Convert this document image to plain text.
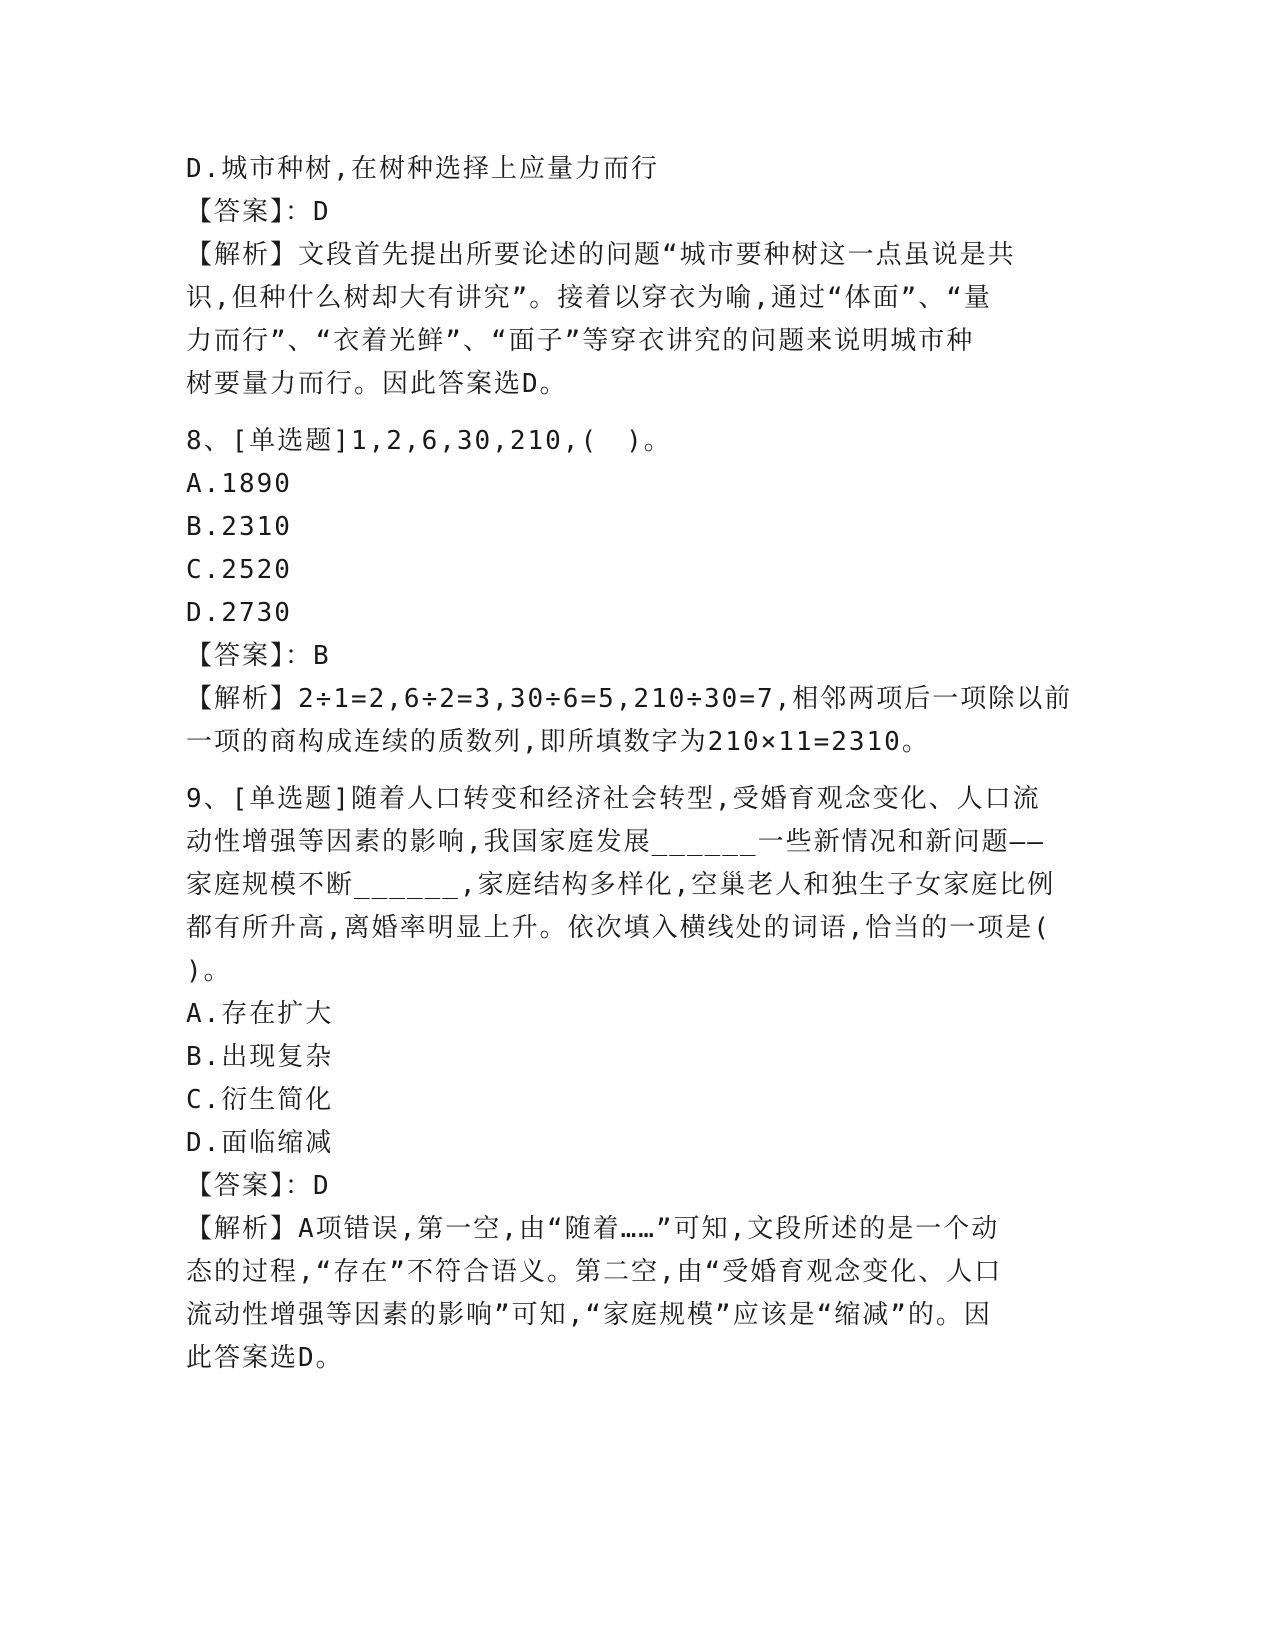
D.城市种树,在树种选择上应量力而行
【答案】：D
【解析】文段首先提出所要论述的问题“城市要种树这一点虽说是共
识,但种什么树却大有讲究”。接着以穿衣为喻,通过“体面”、“量
力而行”、“衣着光鲜”、“面子”等穿衣讲究的问题来说明城市种
树要量力而行。因此答案选D。
8、[单选题]1,2,6,30,210,(　)。
A.1890
B.2310
C.2520
D.2730
【答案】：B
【解析】2÷1=2,6÷2=3,30÷6=5,210÷30=7,相邻两项后一项除以前
一项的商构成连续的质数列,即所填数字为210×11=2310。
9、[单选题]随着人口转变和经济社会转型,受婚育观念变化、人口流
动性增强等因素的影响,我国家庭发展______一些新情况和新问题——
家庭规模不断______,家庭结构多样化,空巢老人和独生子女家庭比例
都有所升高,离婚率明显上升。依次填入横线处的词语,恰当的一项是(
)。
A.存在扩大
B.出现复杂
C.衍生简化
D.面临缩减
【答案】：D
【解析】A项错误,第一空,由“随着……”可知,文段所述的是一个动
态的过程,“存在”不符合语义。第二空,由“受婚育观念变化、人口
流动性增强等因素的影响”可知,“家庭规模”应该是“缩减”的。因
此答案选D。
